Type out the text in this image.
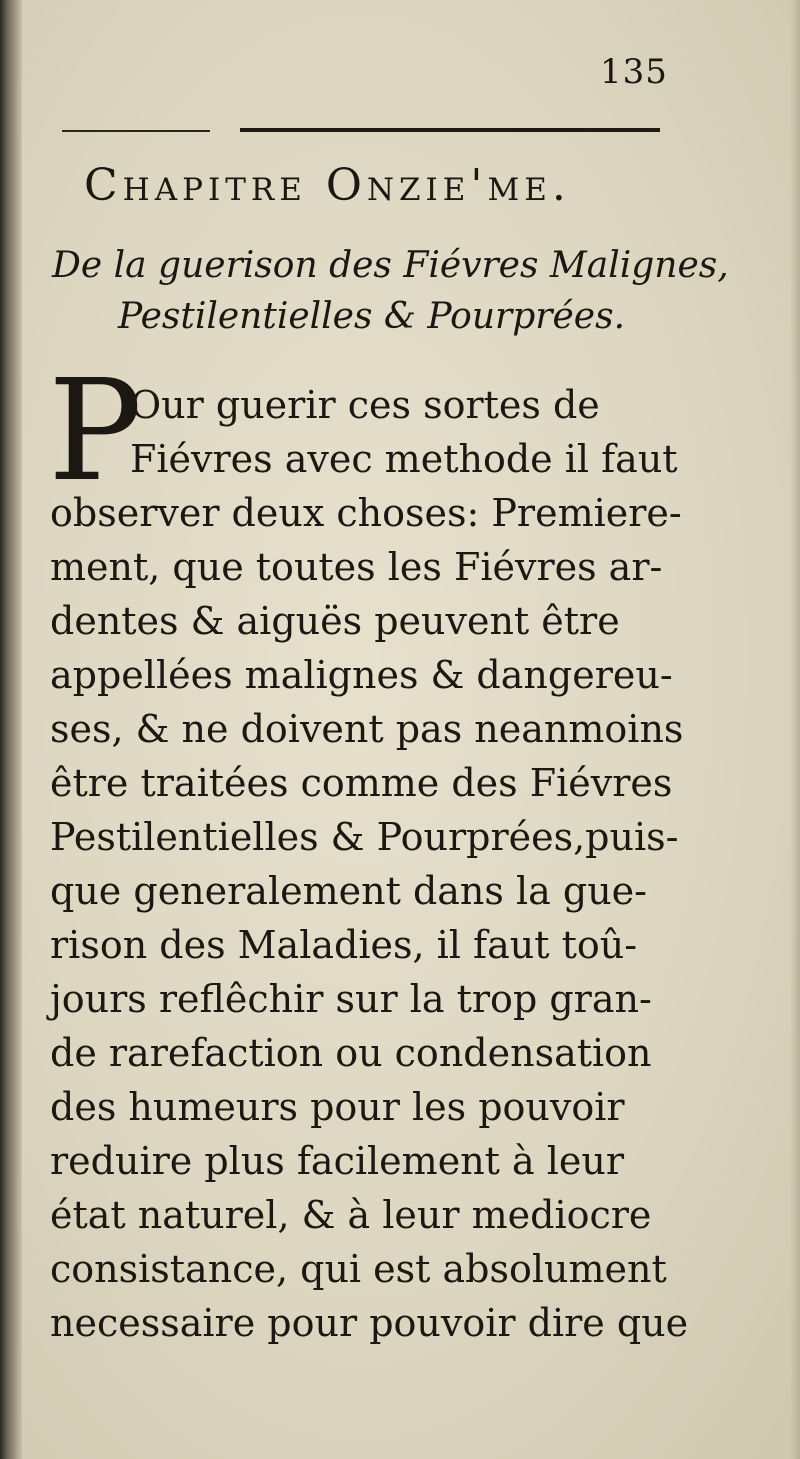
135
Chapitre Onzie'me.
De la guerison des Fiévres Malignes,
Pestilentielles & Pourprées.
P
Our guerir ces sortes de
Fiévres avec methode il faut
observer deux choses: Premiere-
ment, que toutes les Fiévres ar-
dentes & aiguës peuvent être
appellées malignes & dangereu-
ses, & ne doivent pas neanmoins
être traitées comme des Fiévres
Pestilentielles & Pourprées,puis-
que generalement dans la gue-
rison des Maladies, il faut toû-
jours reflêchir sur la trop gran-
de rarefaction ou condensation
des humeurs pour les pouvoir
reduire plus facilement à leur
état naturel, & à leur mediocre
consistance, qui est absolument
necessaire pour pouvoir dire que
